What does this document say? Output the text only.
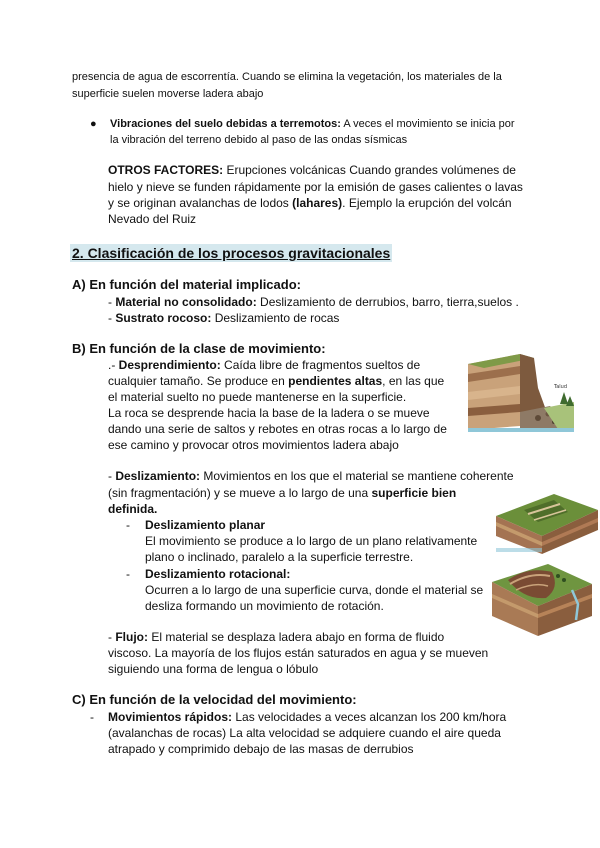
presencia de agua de escorrentía. Cuando se elimina la vegetación, los materiales de la
superficie suelen moverse ladera abajo
● Vibraciones del suelo debidas a terremotos: A veces el movimiento se inicia por
la vibración del terreno debido al paso de las ondas sísmicas
OTROS FACTORES: Erupciones volcánicas Cuando grandes volúmenes de
hielo y nieve se funden rápidamente por la emisión de gases calientes o lavas
y se originan avalanchas de lodos (lahares). Ejemplo la erupción del volcán
Nevado del Ruiz
2. Clasificación de los procesos gravitacionales
A) En función del material implicado:
- Material no consolidado: Deslizamiento de derrubios, barro, tierra,suelos .
- Sustrato rocoso: Deslizamiento de rocas
B) En función de la clase de movimiento:
.- Desprendimiento: Caída libre de fragmentos sueltos de
cualquier tamaño. Se produce en pendientes altas, en las que
el material suelto no puede mantenerse en la superficie.
La roca se desprende hacia la base de la ladera o se mueve
dando una serie de saltos y rebotes en otras rocas a lo largo de
ese camino y provocar otros movimientos ladera abajo
Talud
- Deslizamiento: Movimientos en los que el material se mantiene coherente
(sin fragmentación) y se mueve a lo largo de una superficie bien
definida.
- Deslizamiento planar
El movimiento se produce a lo largo de un plano relativamente
plano o inclinado, paralelo a la superficie terrestre.
- Deslizamiento rotacional:
Ocurren a lo largo de una superficie curva, donde el material se
desliza formando un movimiento de rotación.
- Flujo: El material se desplaza ladera abajo en forma de fluido
viscoso. La mayoría de los flujos están saturados en agua y se mueven
siguiendo una forma de lengua o lóbulo
C) En función de la velocidad del movimiento:
- Movimientos rápidos: Las velocidades a veces alcanzan los 200 km/hora
(avalanchas de rocas) La alta velocidad se adquiere cuando el aire queda
atrapado y comprimido debajo de las masas de derrubios
